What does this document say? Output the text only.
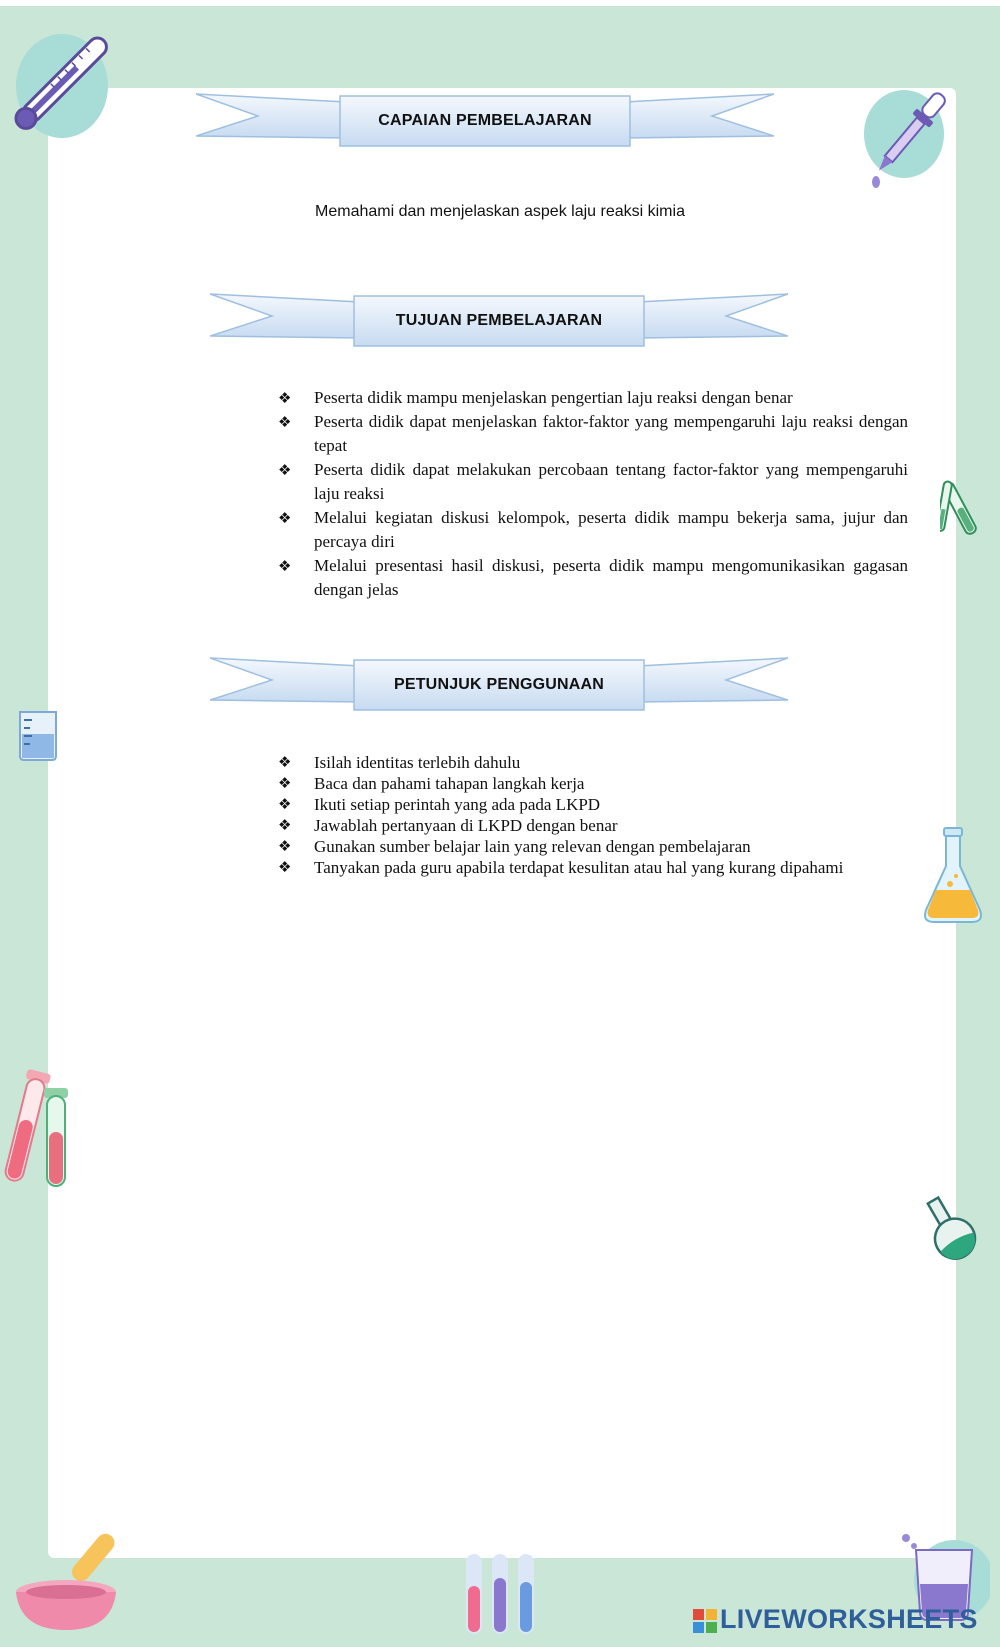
CAPAIAN PEMBELAJARAN
Memahami dan menjelaskan aspek laju reaksi kimia
TUJUAN PEMBELAJARAN
❖ Peserta didik mampu menjelaskan pengertian laju reaksi dengan benar
❖ Peserta didik dapat menjelaskan faktor-faktor yang mempengaruhi laju reaksi dengan tepat
❖ Peserta didik dapat melakukan percobaan tentang factor-faktor yang mempengaruhi laju reaksi
❖ Melalui kegiatan diskusi kelompok, peserta didik mampu bekerja sama, jujur dan percaya diri
❖ Melalui presentasi hasil diskusi, peserta didik mampu mengomunikasikan gagasan dengan jelas
PETUNJUK PENGGUNAAN
❖ Isilah identitas terlebih dahulu
❖ Baca dan pahami tahapan langkah kerja
❖ Ikuti setiap perintah yang ada pada LKPD
❖ Jawablah pertanyaan di LKPD dengan benar
❖ Gunakan sumber belajar lain yang relevan dengan pembelajaran
❖ Tanyakan pada guru apabila terdapat kesulitan atau hal yang kurang dipahami
LIVEWORKSHEETS
